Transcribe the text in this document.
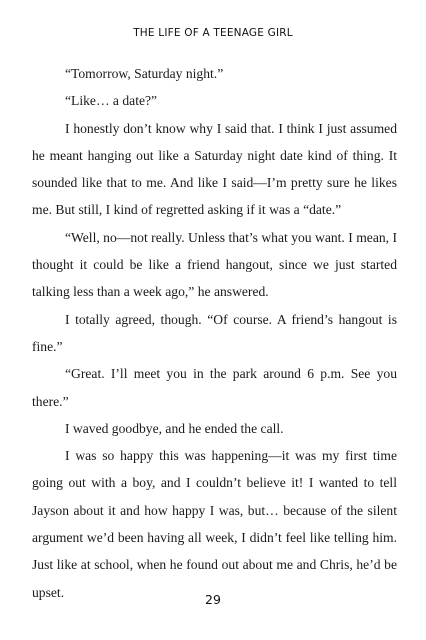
THE LIFE OF A TEENAGE GIRL

“Tomorrow, Saturday night.”

“Like… a date?”

I honestly don’t know why I said that. I think I just assumed he meant hanging out like a Saturday night date kind of thing. It sounded like that to me. And like I said—I’m pretty sure he likes me. But still, I kind of regretted asking if it was a “date.”

“Well, no—not really. Unless that’s what you want. I mean, I thought it could be like a friend hangout, since we just started talking less than a week ago,” he answered.

I totally agreed, though. “Of course. A friend’s hangout is fine.”

“Great. I’ll meet you in the park around 6 p.m. See you there.”

I waved goodbye, and he ended the call.

I was so happy this was happening—it was my first time going out with a boy, and I couldn’t believe it! I wanted to tell Jayson about it and how happy I was, but… because of the silent argument we’d been having all week, I didn’t feel like telling him. Just like at school, when he found out about me and Chris, he’d be upset.	29
